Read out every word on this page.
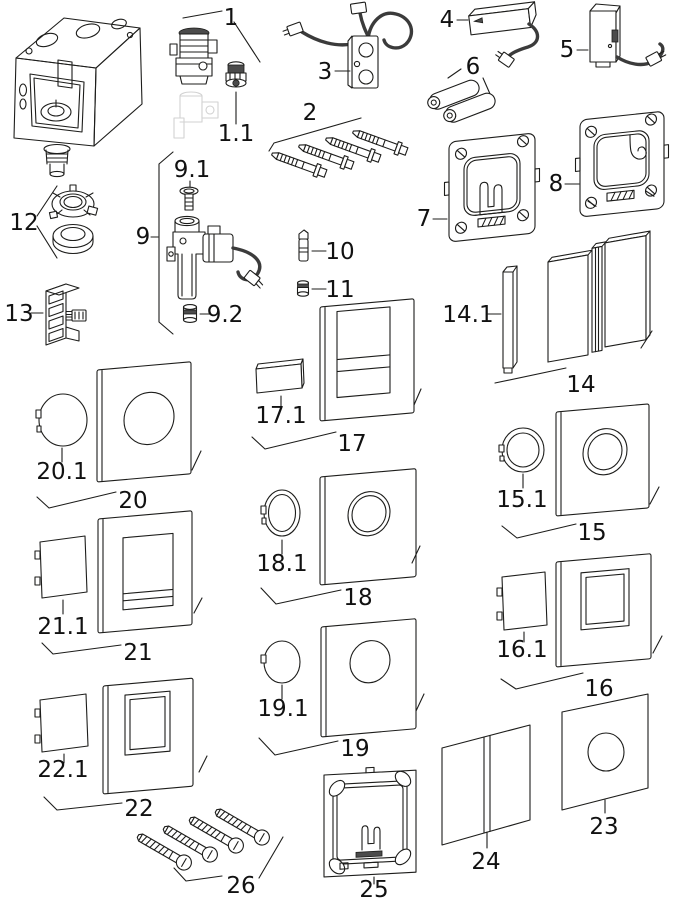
1
1.1
2
3
4
5
6
7
8
9
9.1
9.2
10
11
12
13	14.1
14
15
15.1
16
16.1
17
17.1
18
18.1
19
19.1
20
20.1
21
21.1
22
22.1
23
24
25
26
